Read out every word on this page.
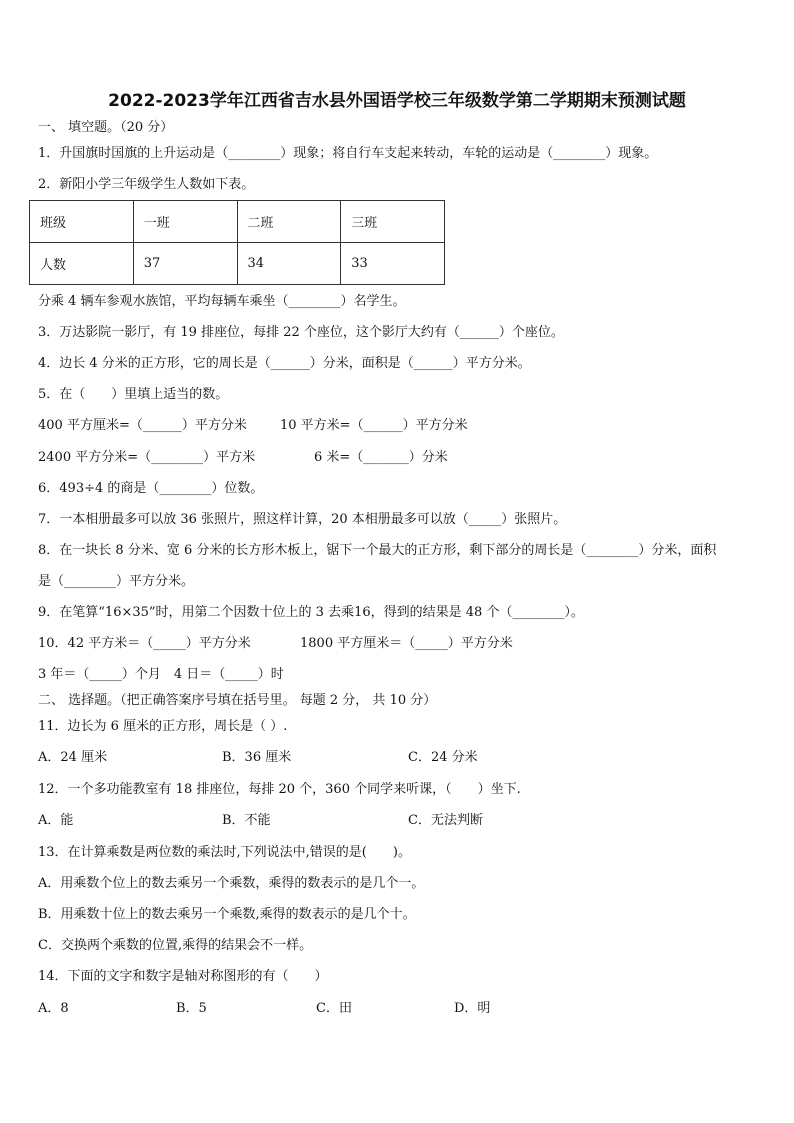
2022-2023学年江西省吉水县外国语学校三年级数学第二学期期末预测试题
一、 填空题。（20 分）
1．升国旗时国旗的上升运动是（________）现象；将自行车支起来转动，车轮的运动是（________）现象。
2．新阳小学三年级学生人数如下表。
班级	一班	二班	三班
人数	37	34	33
分乘 4 辆车参观水族馆，平均每辆车乘坐（________）名学生。
3．万达影院一影厅，有 19 排座位，每排 22 个座位，这个影厅大约有（______）个座位。
4．边长 4 分米的正方形，它的周长是（______）分米，面积是（______）平方分米。
5．在（　　）里填上适当的数。
400 平方厘米=（______）平方分米	10 平方米=（______）平方分米
2400 平方分米=（________）平方米	6 米=（_______）分米
6．493÷4 的商是（________）位数。
7．一本相册最多可以放 36 张照片，照这样计算，20 本相册最多可以放（_____）张照片。
8．在一块长 8 分米、宽 6 分米的长方形木板上，锯下一个最大的正方形，剩下部分的周长是（________）分米，面积
是（________）平方分米。
9．在笔算“16×35”时，用第二个因数十位上的 3 去乘16，得到的结果是 48 个（________）。
10．42 平方米＝（_____）平方分米	1800 平方厘米＝（_____）平方分米
3 年＝（_____）个月　4 日＝（_____）时
二、 选择题。（把正确答案序号填在括号里。 每题 2 分， 共 10 分）
11．边长为 6 厘米的正方形，周长是（ ）.
A．24 厘米	B．36 厘米	C．24 分米
12．一个多功能教室有 18 排座位，每排 20 个，360 个同学来听课，（　　）坐下.
A．能	B．不能	C．无法判断
13．在计算乘数是两位数的乘法时,下列说法中,错误的是(　　)。
A．用乘数个位上的数去乘另一个乘数，乘得的数表示的是几个一。
B．用乘数十位上的数去乘另一个乘数,乘得的数表示的是几个十。
C．交换两个乘数的位置,乘得的结果会不一样。
14．下面的文字和数字是轴对称图形的有（　　）
A．8	B．5	C．田	D．明
